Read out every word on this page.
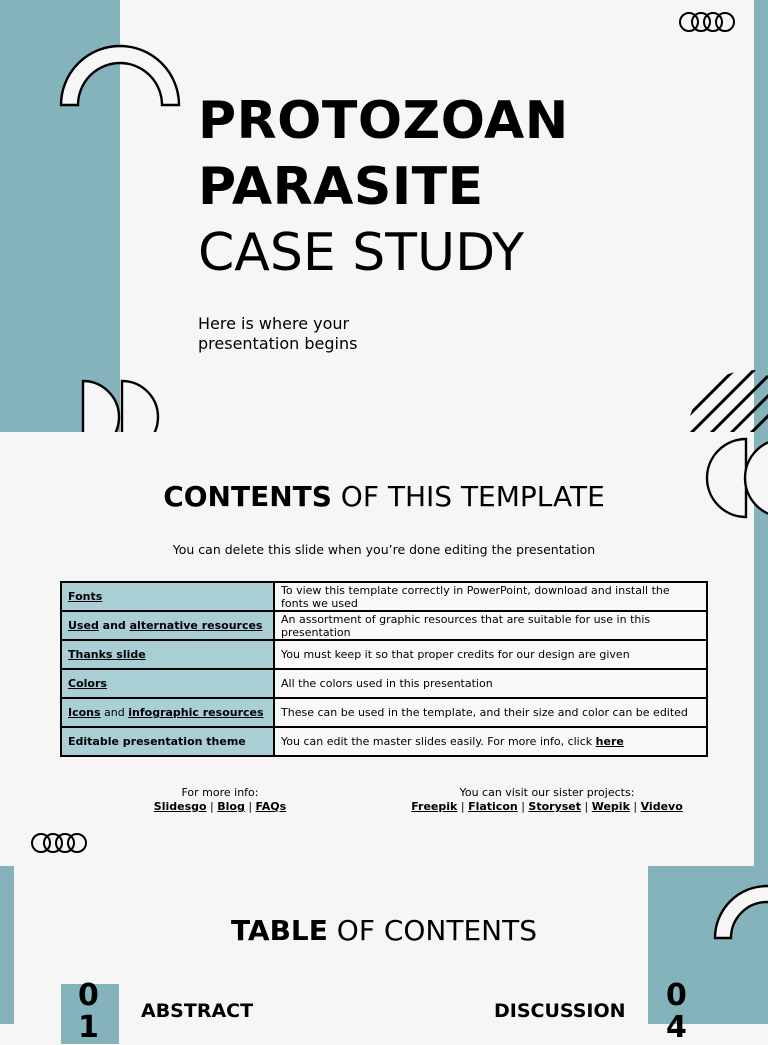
PROTOZOAN
PARASITE
CASE STUDY
Here is where your presentation begins
CONTENTS OF THIS TEMPLATE
You can delete this slide when you’re done editing the presentation
Fonts	To view this template correctly in PowerPoint, download and install the fonts we used
Used and alternative resources	An assortment of graphic resources that are suitable for use in this presentation
Thanks slide	You must keep it so that proper credits for our design are given
Colors	All the colors used in this presentation
Icons and infographic resources	These can be used in the template, and their size and color can be edited
Editable presentation theme	You can edit the master slides easily. For more info, click here
For more info:
Slidesgo | Blog | FAQs
You can visit our sister projects:
Freepik | Flaticon | Storyset | Wepik | Videvo
TABLE OF CONTENTS
01	ABSTRACT	DISCUSSION 04
